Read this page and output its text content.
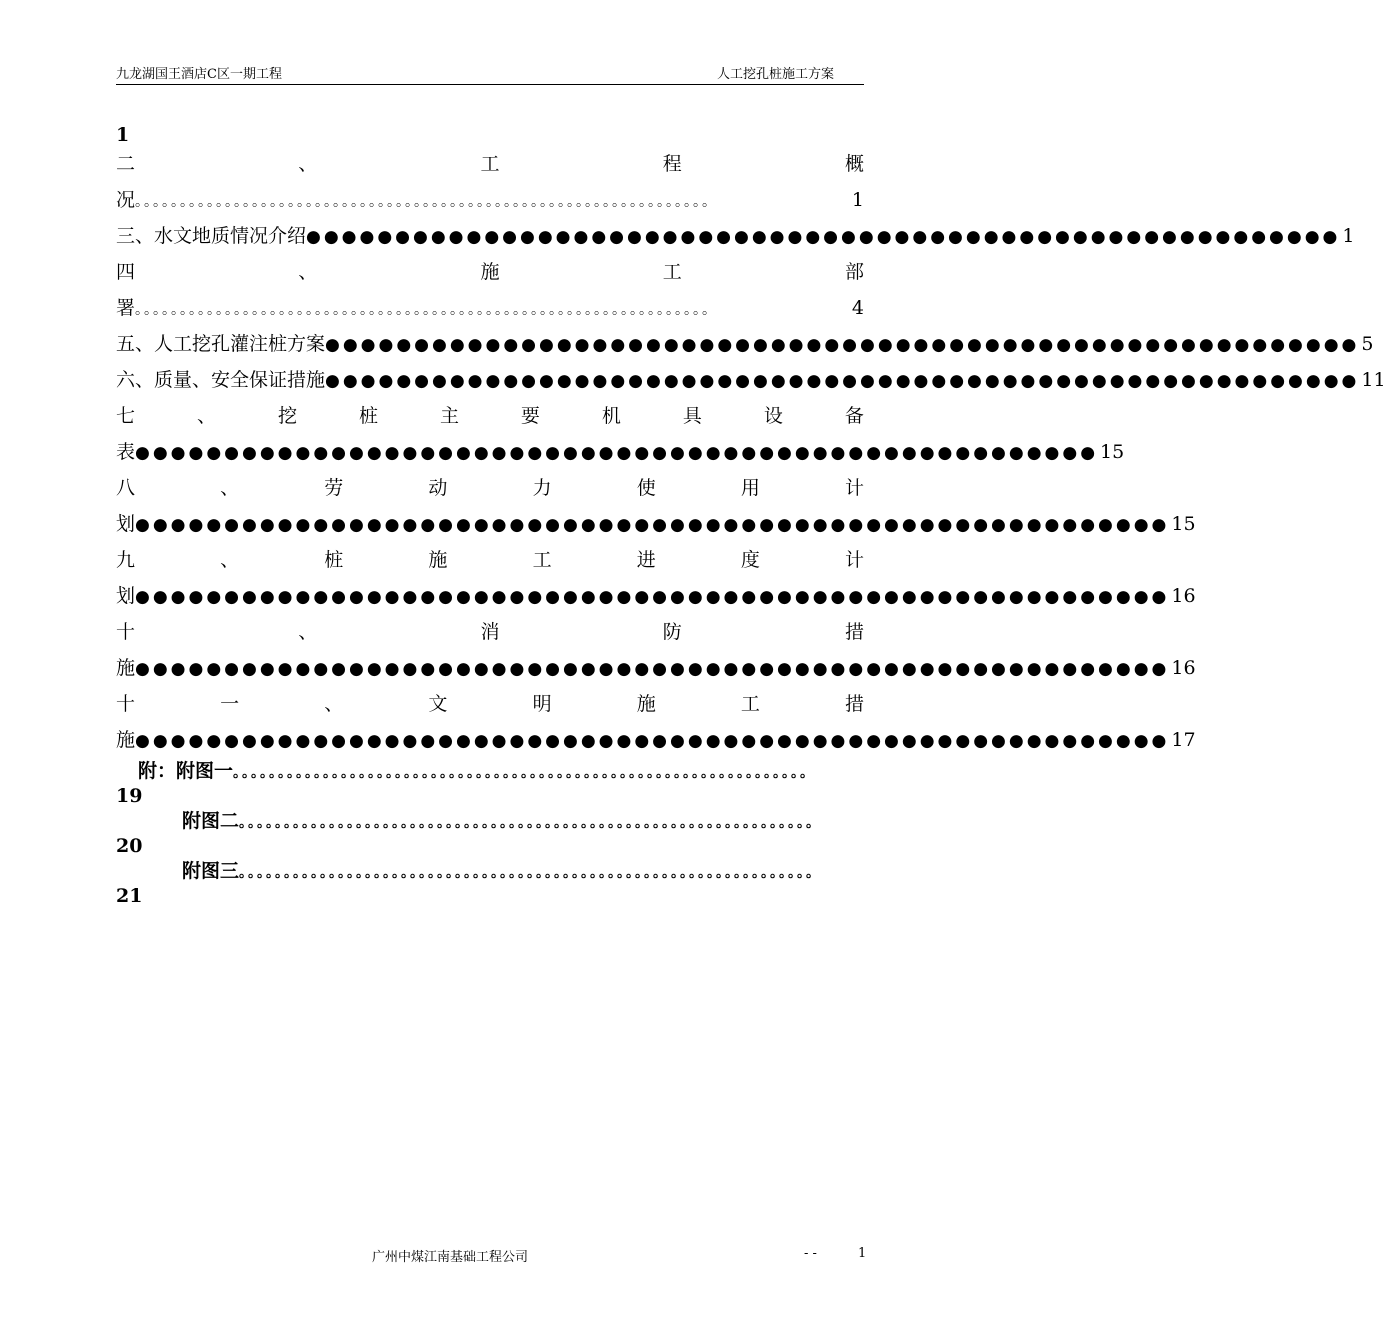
九龙湖国王酒店C区一期工程	人工挖孔桩施工方案
1
二	、	工	程	概
况 。。。。。。。。。。。。。。。。。。。。。。。。。。。。。。。。。。。。。。。。。。。。。。。。。。。。。。。。。。。。。。。。	1
三、水文地质情况介绍 ●●●●●●●●●●●●●●●●●●●●●●●●●●●●●●●●●●●●●●●●●●●●●●●●●●●●●●●●●● 1
四	、	施	工	部
署 。。。。。。。。。。。。。。。。。。。。。。。。。。。。。。。。。。。。。。。。。。。。。。。。。。。。。。。。。。。。。。。。	4
五、人工挖孔灌注桩方案 ●●●●●●●●●●●●●●●●●●●●●●●●●●●●●●●●●●●●●●●●●●●●●●●●●●●●●●●●●● 5
六、质量、安全保证措施 ●●●●●●●●●●●●●●●●●●●●●●●●●●●●●●●●●●●●●●●●●●●●●●●●●●●●●●●●●● 11
七	、	挖	桩	主	要	机	具	设	备
表 ●●●●●●●●●●●●●●●●●●●●●●●●●●●●●●●●●●●●●●●●●●●●●●●●●●●●●● 15
八	、	劳	动	力	使	用	计
划 ●●●●●●●●●●●●●●●●●●●●●●●●●●●●●●●●●●●●●●●●●●●●●●●●●●●●●●●●●● 15
九	、	桩	施	工	进	度	计
划 ●●●●●●●●●●●●●●●●●●●●●●●●●●●●●●●●●●●●●●●●●●●●●●●●●●●●●●●●●● 16
十	、	消	防	措
施 ●●●●●●●●●●●●●●●●●●●●●●●●●●●●●●●●●●●●●●●●●●●●●●●●●●●●●●●●●● 16
十	一	、	文	明	施	工	措
施 ●●●●●●●●●●●●●●●●●●●●●●●●●●●●●●●●●●●●●●●●●●●●●●●●●●●●●●●●●● 17
附：附图一 。。。。。。。。。。。。。。。。。。。。。。。。。。。。。。。。。。。。。。。。。。。。。。。。。。。。。。。。。。。。。。。。
19
附图二 。。。。。。。。。。。。。。。。。。。。。。。。。。。。。。。。。。。。。。。。。。。。。。。。。。。。。。。。。。。。。。。。
20
附图三 。。。。。。。。。。。。。。。。。。。。。。。。。。。。。。。。。。。。。。。。。。。。。。。。。。。。。。。。。。。。。。。。
21
广州中煤江南基础工程公司	- -	1
